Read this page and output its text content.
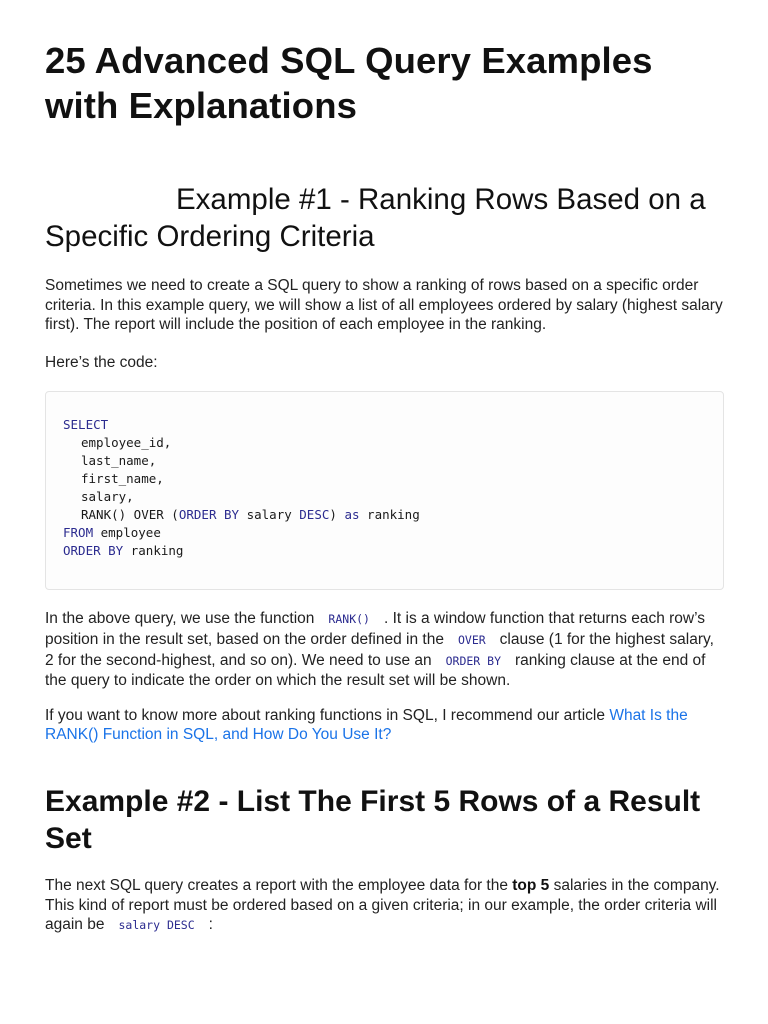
25 Advanced SQL Query Examples with Explanations
Example #1 - Ranking Rows Based on a Specific Ordering Criteria

Sometimes we need to create a SQL query to show a ranking of rows based on a specific order criteria. In this example query, we will show a list of all employees ordered by salary (highest salary first). The report will include the position of each employee in the ranking.

Here’s the code:

SELECT
employee_id,
last_name,
first_name,
salary,
RANK() OVER (ORDER BY salary DESC) as ranking
FROM employee
ORDER BY ranking

In the above query, we use the function RANK() . It is a window function that returns each row’s position in the result set, based on the order defined in the OVER clause (1 for the highest salary, 2 for the second-highest, and so on). We need to use an ORDER BY ranking clause at the end of the query to indicate the order on which the result set will be shown.

If you want to know more about ranking functions in SQL, I recommend our article What Is the RANK() Function in SQL, and How Do You Use It?

Example #2 - List The First 5 Rows of a Result Set

The next SQL query creates a report with the employee data for the top 5 salaries in the company. This kind of report must be ordered based on a given criteria; in our example, the order criteria will again be salary DESC :
